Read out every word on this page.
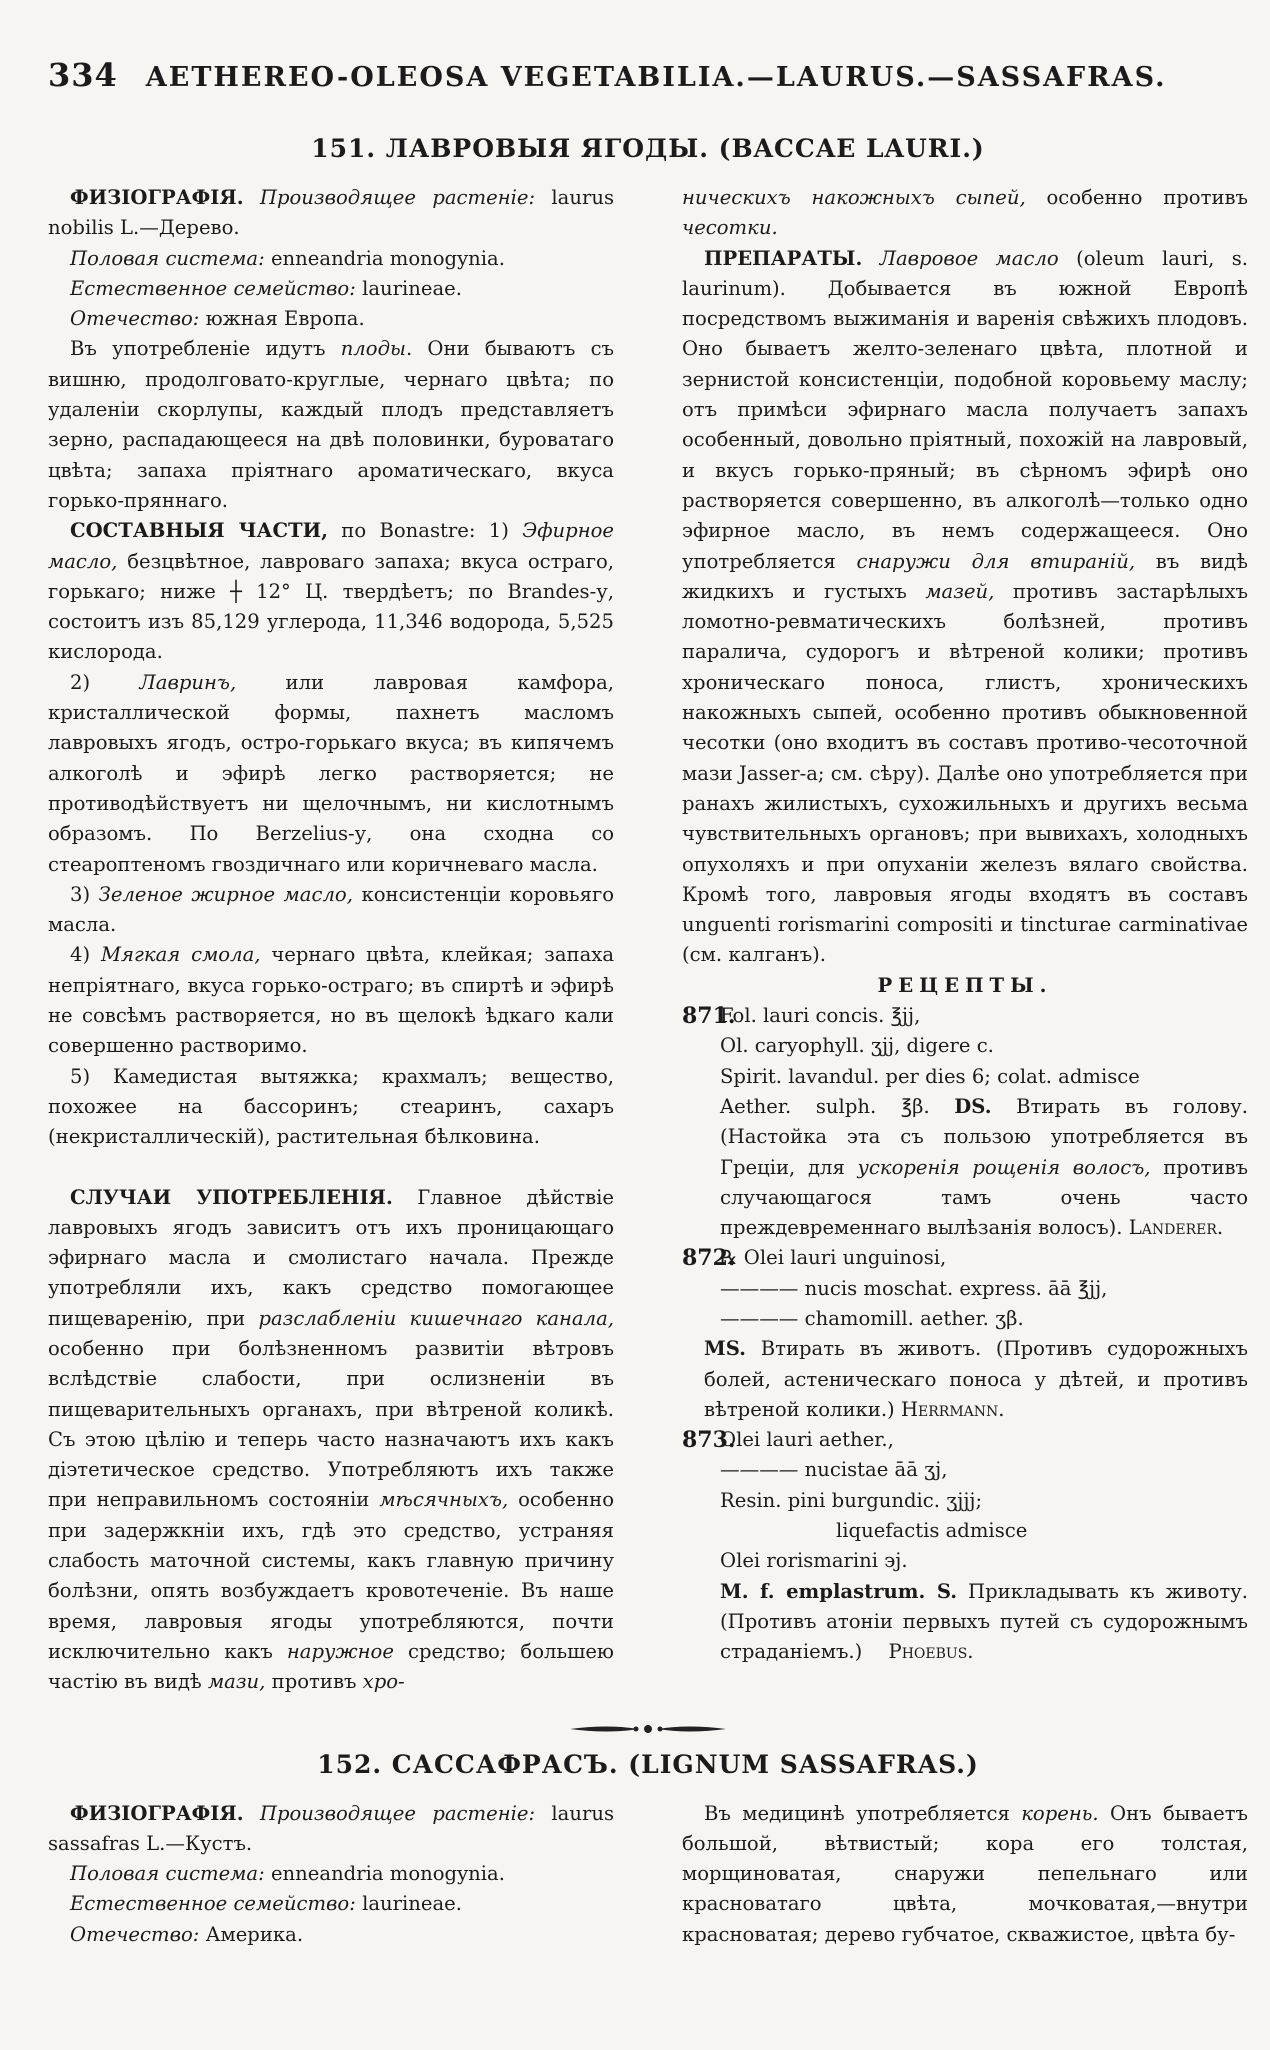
334 AETHEREO-OLEOSA VEGETABILIA.—LAURUS.—SASSAFRAS.
151. ЛАВРОВЫЯ ЯГОДЫ. (BACCAE LAURI.)

ФИЗІОГРАФІЯ. Производящее растеніе: laurus nobilis L.—Дерево.

Половая система: enneandria monogynia.

Естественное семейство: laurineae.

Отечество: южная Европа.

Въ употребленіе идутъ плоды. Они бываютъ съ вишню, продолговато-круглые, чернаго цвѣта; по удаленіи скорлупы, каждый плодъ представляетъ зерно, распадающееся на двѣ половинки, буроватаго цвѣта; запаха пріятнаго ароматическаго, вкуса горько-пряннаго.

СОСТАВНЫЯ ЧАСТИ, по Bonastre: 1) Эфирное масло, безцвѣтное, лавроваго запаха; вкуса остраго, горькаго; ниже ┼ 12° Ц. твердѣетъ; по Brandes-у, состоитъ изъ 85,129 углерода, 11,346 водорода, 5,525 кислорода.

2)	Лавринъ,	или лавровая камфора, кристаллической формы, пахнетъ масломъ лавровыхъ ягодъ, остро-горькаго вкуса; въ кипячемъ алкоголѣ и эфирѣ легко растворяется; не противодѣйствуетъ ни щелочнымъ, ни кислотнымъ образомъ. По Berzelius-у, она сходна со стеароптеномъ гвоздичнаго или коричневаго масла.

3) Зеленое жирное масло, консистенціи коровьяго масла.

4) Мягкая смола, чернаго цвѣта, клейкая; запаха непріятнаго, вкуса горько-остраго; въ спиртѣ и эфирѣ не совсѣмъ растворяется, но въ щелокѣ ѣдкаго кали совершенно растворимо.

5) Камедистая вытяжка; крахмалъ; вещество, похожее на бассоринъ; стеаринъ, сахаръ (некристаллическій), растительная бѣлковина.

СЛУЧАИ УПОТРЕБЛЕНІЯ. Главное дѣйствіе лавровыхъ ягодъ зависитъ отъ ихъ проницающаго эфирнаго масла и смолистаго начала. Прежде употребляли ихъ, какъ средство помогающее пищеваренію, при разслабленіи кишечнаго канала, особенно при болѣзненномъ развитіи вѣтровъ вслѣдствіе слабости, при ослизненіи въ пищеварительныхъ органахъ, при вѣтреной коликѣ. Съ этою цѣлію и теперь часто назначаютъ ихъ какъ діэтетическое средство. Употребляютъ ихъ также при неправильномъ состояніи мѣсячныхъ, особенно при задержкніи ихъ, гдѣ это средство, устраняя слабость маточной системы, какъ главную причину болѣзни, опять возбуждаетъ кровотеченіе. Въ наше время, лавровыя ягоды употребляются, почти исключительно какъ наружное средство; большею частію въ видѣ мази, противъ хро-

ническихъ накожныхъ сыпей, особенно противъ чесотки.

ПРЕПАРАТЫ. Лавровое масло (oleum lauri, s. laurinum). Добывается въ южной Европѣ посредствомъ выжиманія и варенія свѣжихъ плодовъ. Оно бываетъ желто-зеленаго цвѣта, плотной и зернистой консистенціи, подобной коровьему маслу; отъ примѣси эфирнаго масла получаетъ запахъ особенный, довольно пріятный, похожій на лавровый, и вкусъ горько-пряный; въ сѣрномъ эфирѣ оно растворяется совершенно, въ алкоголѣ—только одно эфирное масло, въ немъ содержащееся. Оно употребляется снаружи для втираній, въ видѣ жидкихъ и густыхъ мазей, противъ застарѣлыхъ ломотно-ревматическихъ болѣзней, противъ паралича, судорогъ и вѣтреной колики; противъ хроническаго поноса, глистъ, хроническихъ накожныхъ сыпей, особенно противъ обыкновенной чесотки (оно входитъ въ составъ противо-чесоточной мази Jasser-а; см. сѣру). Далѣе оно употребляется при ранахъ жилистыхъ, сухожильныхъ и другихъ весьма чувствительныхъ органовъ; при вывихахъ, холодныхъ опухоляхъ и при опуханіи железъ вялаго свойства. Кромѣ того, лавровыя ягоды входятъ въ составъ unguenti rorismarini compositi и tincturae carminativae (см. калганъ).

РЕЦЕПТЫ.

871.

Fol. lauri concis. ℥jj,

Ol. caryophyll. ʒjj, digere c.

Spirit. lavandul. per dies 6; colat. admisce

Aether. sulph. ℥β. DS. Втирать въ голову. (Настойка эта съ пользою употребляется въ Греціи, для ускоренія рощенія волосъ, противъ случающагося тамъ очень часто преждевременнаго вылѣзанія волосъ). Landerer.

872.

℞ Olei lauri unguinosi,

———— nucis moschat. express. āā ℥jj,

———— chamomill. aether. ʒβ.

MS. Втирать въ животъ. (Противъ судорожныхъ болей, астеническаго поноса у дѣтей, и противъ вѣтреной колики.) Herrmann.

873.

Olei lauri aether.,

———— nucistae āā ʒj,

Resin. pini burgundic. ʒjjj;

liquefactis admisce

Olei rorismarini ϶j.

M. f. emplastrum. S. Прикладывать къ животу. (Противъ атоніи первыхъ путей съ судорожнымъ страданіемъ.) Phoebus.

152. САССАФРАСЪ. (LIGNUM SASSAFRAS.)

ФИЗІОГРАФІЯ. Производящее растеніе: laurus sassafras L.—Кустъ.

Половая система: enneandria monogynia.

Естественное семейство: laurineae.

Отечество: Америка.

Въ медицинѣ употребляется корень. Онъ бываетъ большой, вѣтвистый; кора его толстая, морщиноватая, снаружи пепельнаго или красноватаго цвѣта, мочковатая,—внутри красноватая; дерево губчатое, скважистое, цвѣта бу-
